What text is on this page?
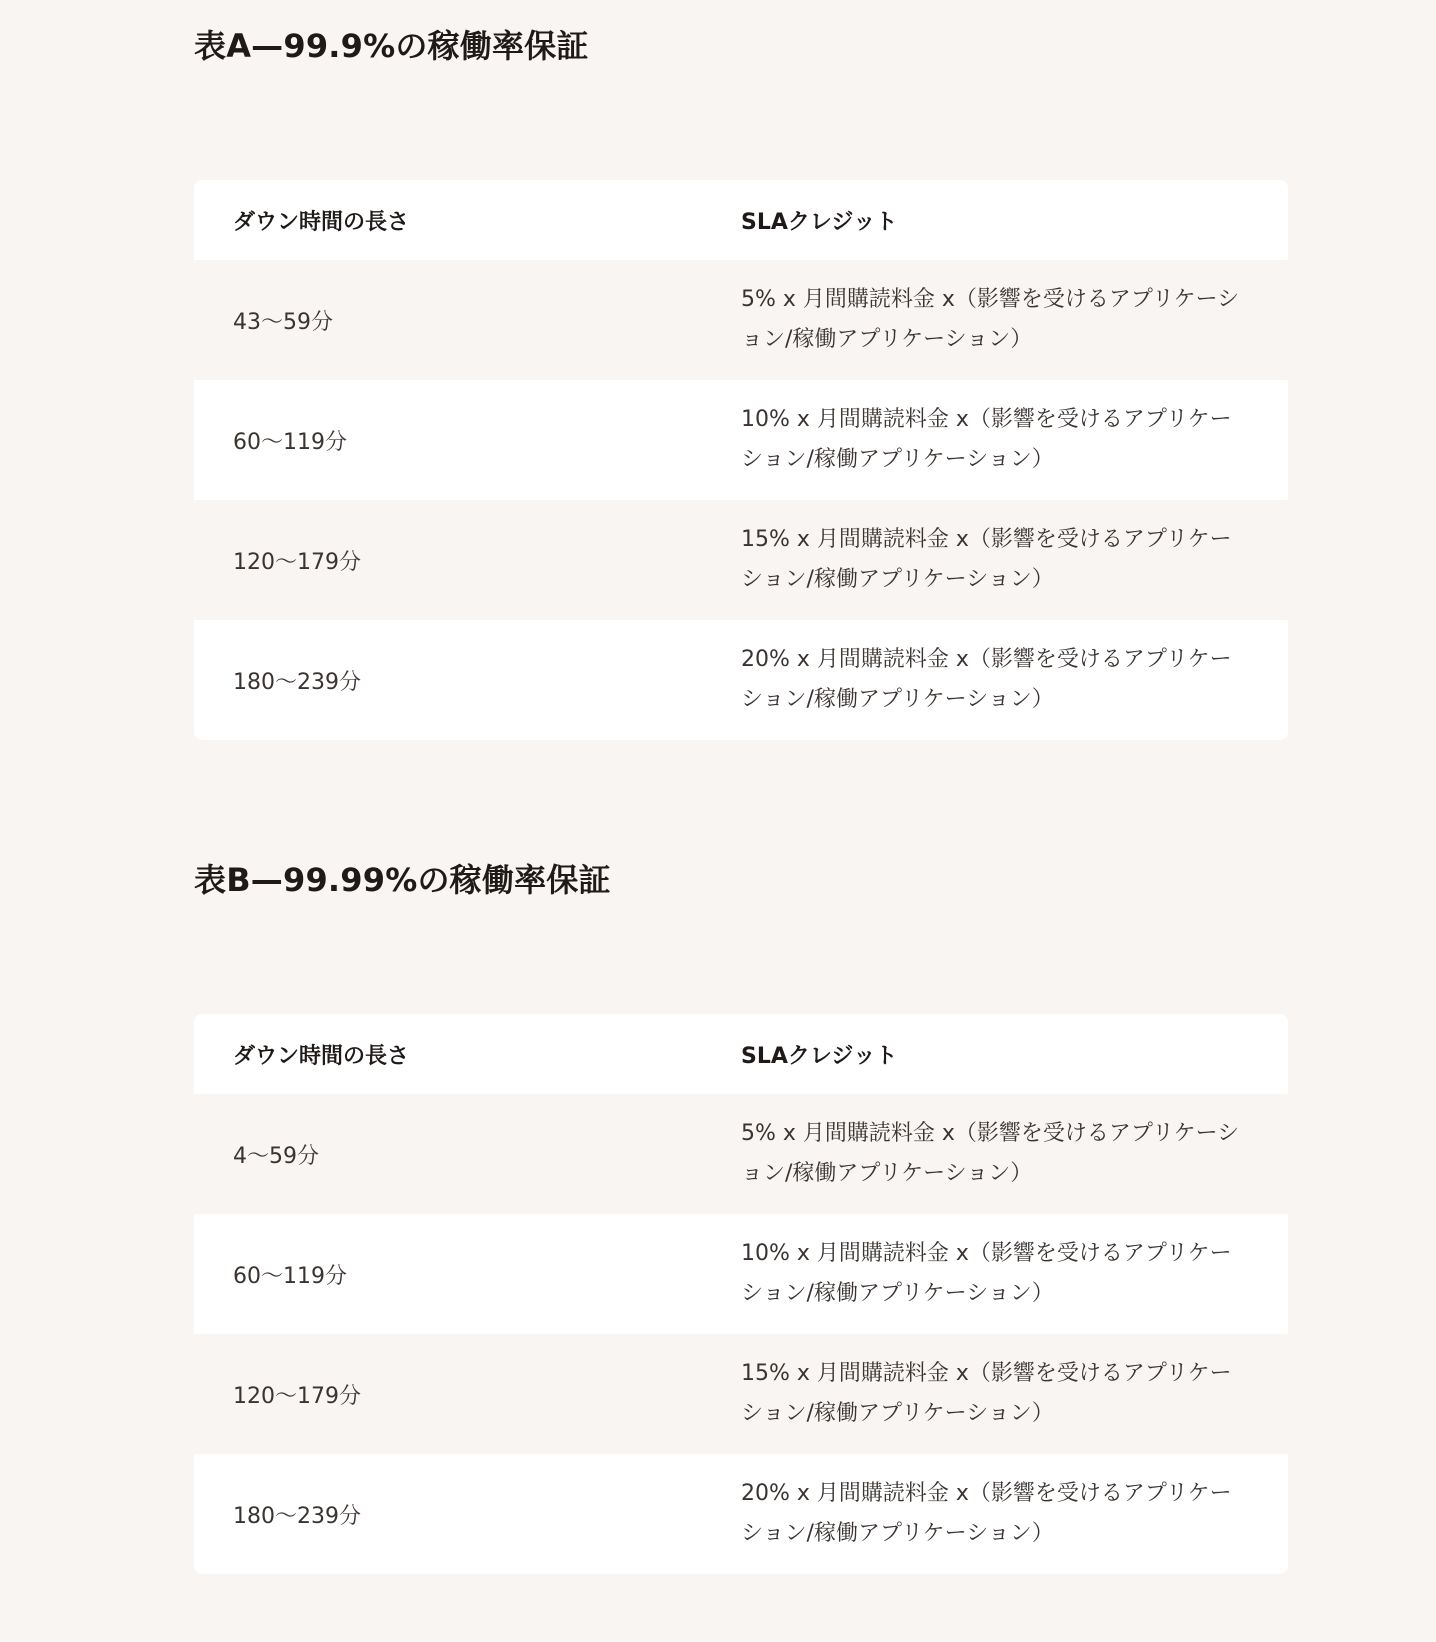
表A—99.9%の稼働率保証
ダウン時間の長さ	SLAクレジット
43〜59分
5% x 月間購読料金 x（影響を受けるアプリケーション/稼働アプリケーション）
60〜119分
10% x 月間購読料金 x（影響を受けるアプリケーション/稼働アプリケーション）
120〜179分
15% x 月間購読料金 x（影響を受けるアプリケーション/稼働アプリケーション）
180〜239分
20% x 月間購読料金 x（影響を受けるアプリケーション/稼働アプリケーション）
表B—99.99%の稼働率保証
ダウン時間の長さ	SLAクレジット
4〜59分
5% x 月間購読料金 x（影響を受けるアプリケーション/稼働アプリケーション）
60〜119分
10% x 月間購読料金 x（影響を受けるアプリケーション/稼働アプリケーション）
120〜179分
15% x 月間購読料金 x（影響を受けるアプリケーション/稼働アプリケーション）
180〜239分
20% x 月間購読料金 x（影響を受けるアプリケーション/稼働アプリケーション）
